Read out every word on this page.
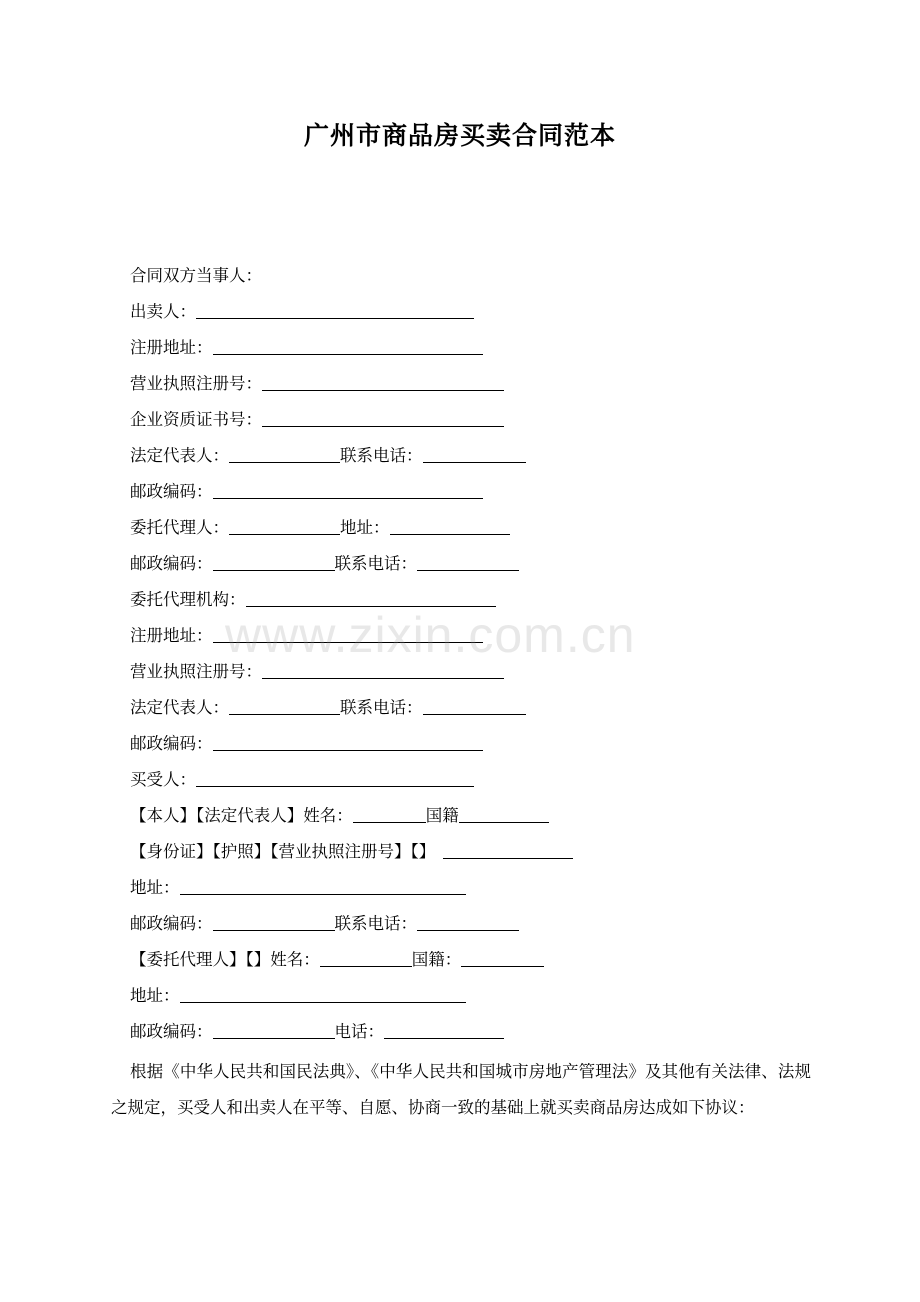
广州市商品房买卖合同范本
合同双方当事人：
出卖人：
注册地址：
营业执照注册号：
企业资质证书号：
法定代表人：	联系电话：
邮政编码：
委托代理人：	地址：
邮政编码：	联系电话：
委托代理机构：
注册地址：
营业执照注册号：
法定代表人：	联系电话：
邮政编码：
买受人：
【本人】【法定代表人】姓名：	国籍
【身份证】【护照】【营业执照注册号】【】
地址：
邮政编码：	联系电话：
【委托代理人】【】姓名：	国籍：
地址：
邮政编码：	电话：
根据《中华人民共和国民法典》、《中华人民共和国城市房地产管理法》及其他有关法律、法规之规定，买受人和出卖人在平等、自愿、协商一致的基础上就买卖商品房达成如下协议：
www.zixin.com.cn
